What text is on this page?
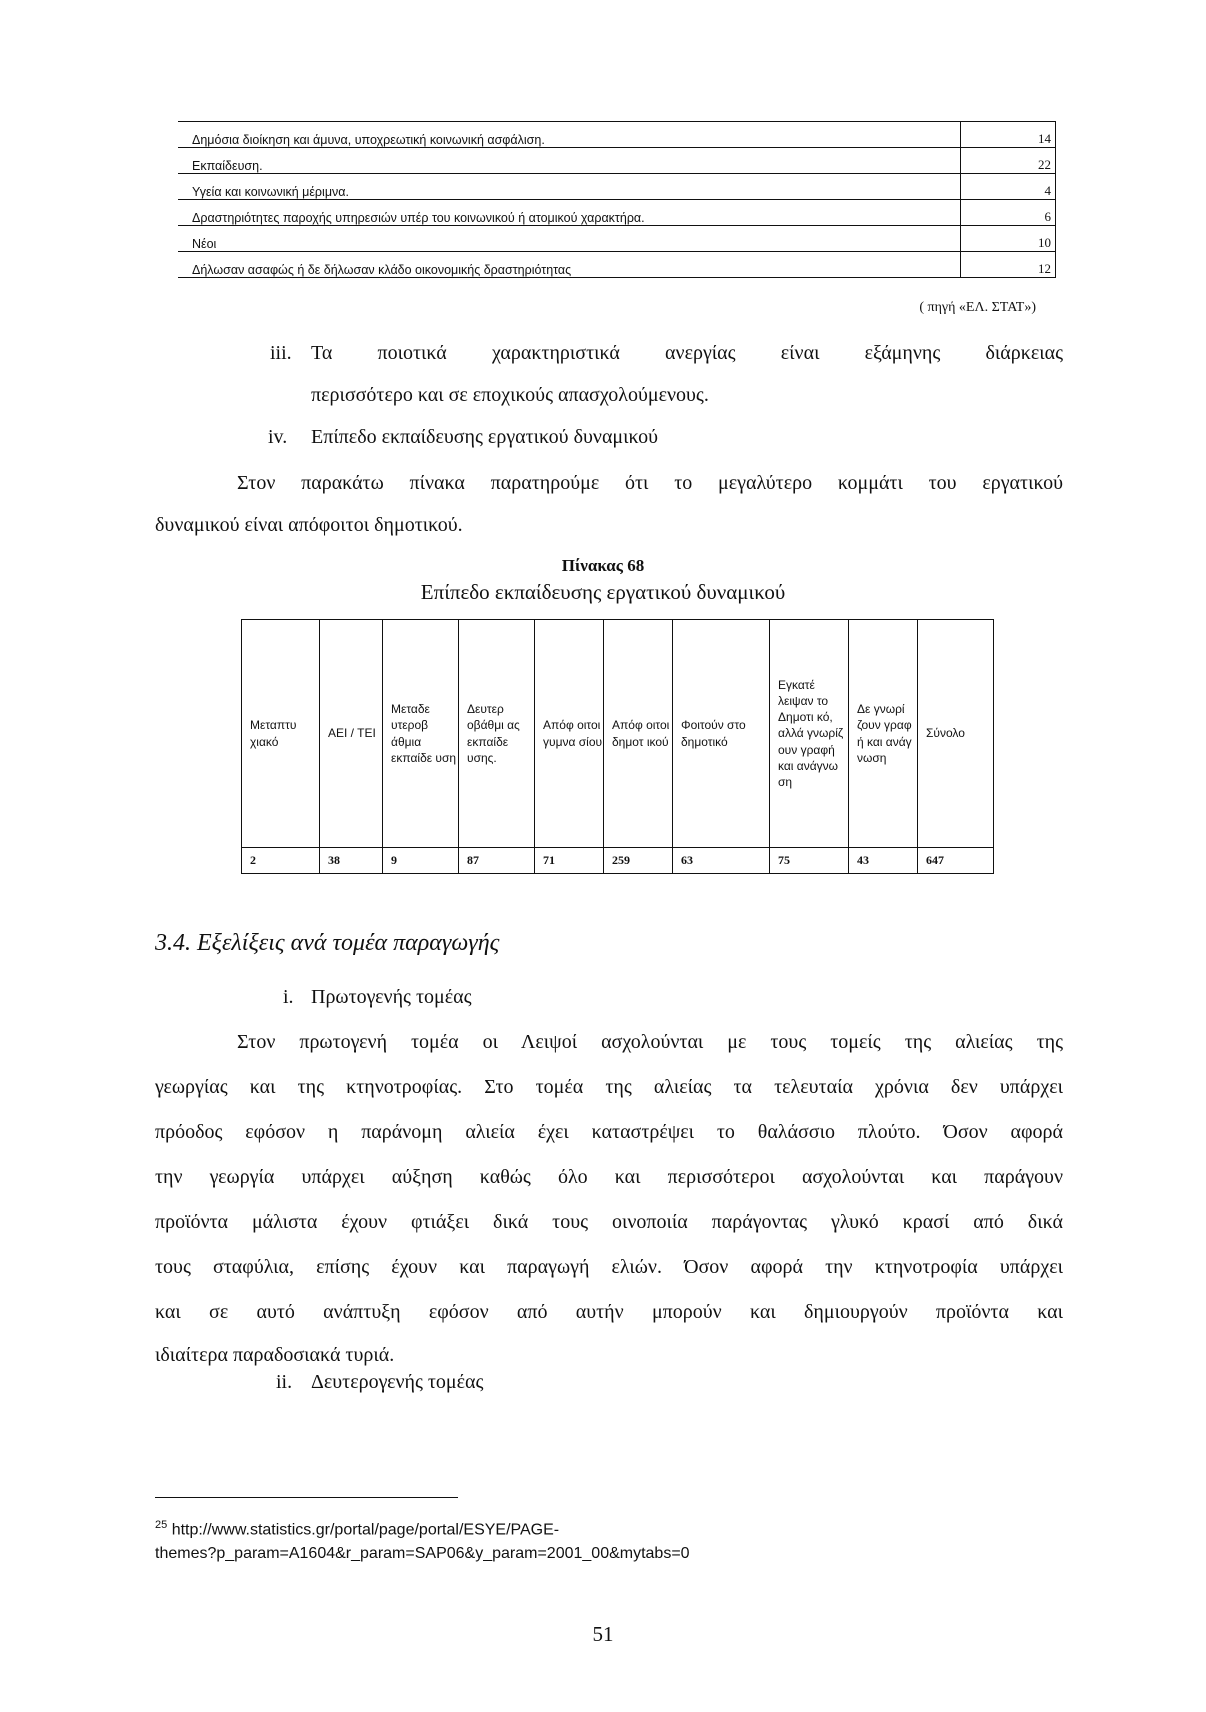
Δημόσια διοίκηση και άμυνα, υποχρεωτική κοινωνική ασφάλιση.	14
Εκπαίδευση.	22
Υγεία και κοινωνική μέριμνα.	4
Δραστηριότητες παροχής υπηρεσιών υπέρ του κοινωνικού ή ατομικού χαρακτήρα.	6
Νέοι	10
Δήλωσαν ασαφώς ή δε δήλωσαν κλάδο οικονομικής δραστηριότητας	12
( πηγή «ΕΛ. ΣΤΑΤ»)
iii. Τα ποιοτικά χαρακτηριστικά ανεργίας είναι εξάμηνης διάρκειας
περισσότερο και σε εποχικούς απασχολούμενους.
iv. Επίπεδο εκπαίδευσης εργατικού δυναμικού
Στον παρακάτω πίνακα παρατηρούμε ότι το μεγαλύτερο κομμάτι του εργατικού
δυναμικού είναι απόφοιτοι δημοτικού.
Πίνακας 68
Επίπεδο εκπαίδευσης εργατικού δυναμικού
Μεταπτυ χιακό	ΑΕΙ / ΤΕΙ	Μεταδε υτεροβ άθμια εκπαίδε υση	Δευτερ οβάθμι ας εκπαίδε υσης.	Απόφ οιτοι γυμνα σίου	Απόφ οιτοι δημοτ ικού	Φοιτούν στο δημοτικό	Εγκατέ λειψαν το Δημοτι κό, αλλά γνωρίζ ουν γραφή και ανάγνω ση	Δε γνωρί ζουν γραφ ή και ανάγ νωση	Σύνολο
2	38	9	87	71	259	63	75	43	647
3.4. Εξελίξεις ανά τομέα παραγωγής
i. Πρωτογενής τομέας
Στον πρωτογενή τομέα οι Λειψοί ασχολούνται με τους τομείς της αλιείας της
γεωργίας και της κτηνοτροφίας. Στο τομέα της αλιείας τα τελευταία χρόνια δεν υπάρχει
πρόοδος εφόσον η παράνομη αλιεία έχει καταστρέψει το θαλάσσιο πλούτο. Όσον αφορά
την γεωργία υπάρχει αύξηση καθώς όλο και περισσότεροι ασχολούνται και παράγουν
προϊόντα μάλιστα έχουν φτιάξει δικά τους οινοποιία παράγοντας γλυκό κρασί από δικά
τους σταφύλια, επίσης έχουν και παραγωγή ελιών. Όσον αφορά την κτηνοτροφία υπάρχει
και σε αυτό ανάπτυξη εφόσον από αυτήν μπορούν και δημιουργούν προϊόντα και
ιδιαίτερα παραδοσιακά τυριά.
ii. Δευτερογενής τομέας
$^{25}$ http://www.statistics.gr/portal/page/portal/ESYE/PAGE-
themes?p_param=A1604&r_param=SAP06&y_param=2001_00&mytabs=0
51
